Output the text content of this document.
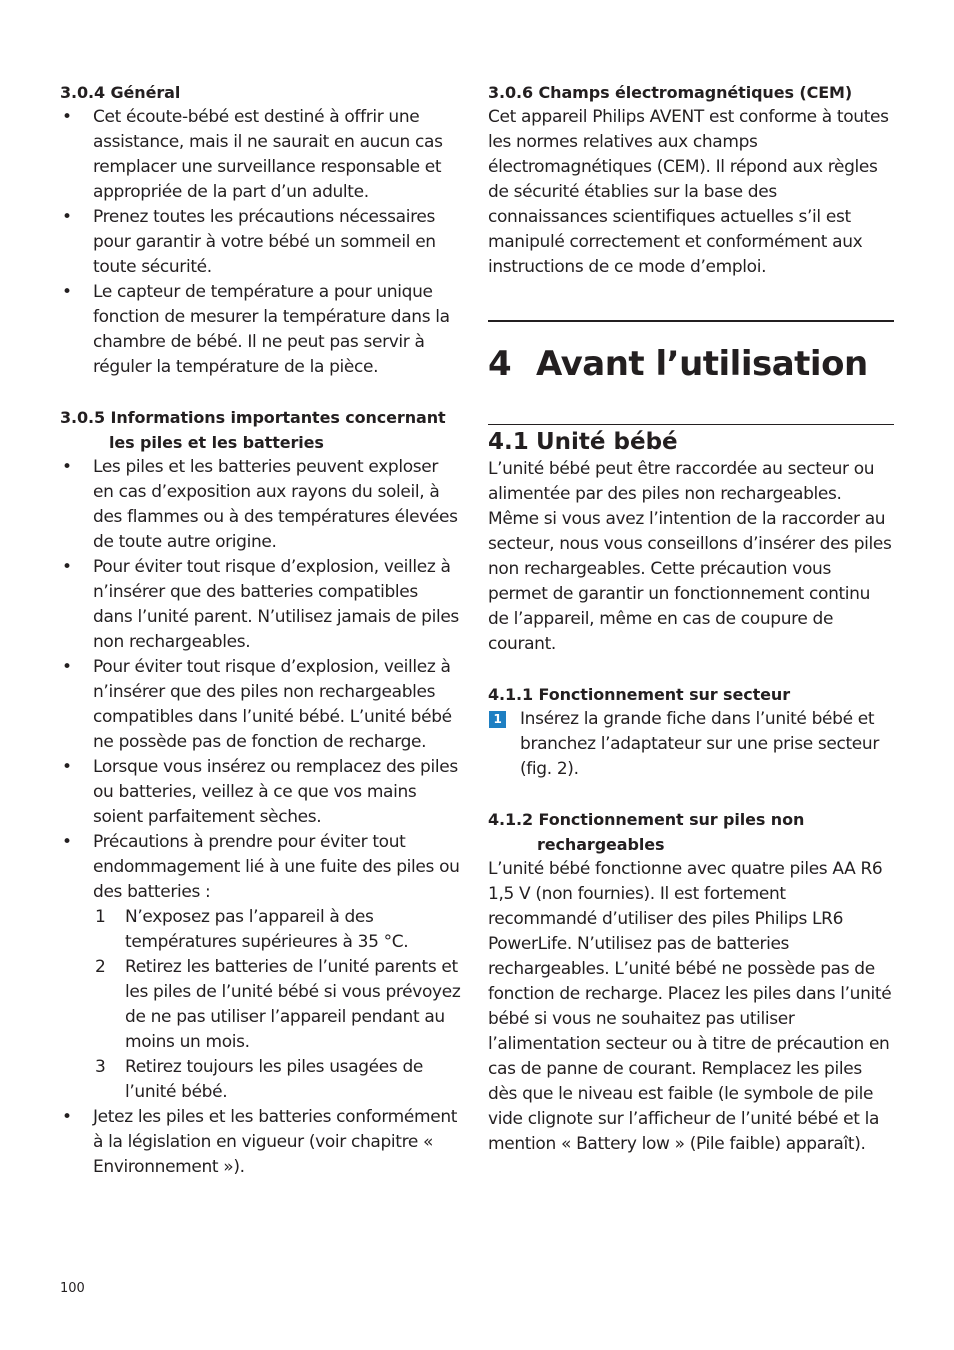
3.0.4 Général

• Cet écoute-bébé est destiné à offrir une assistance, mais il ne saurait en aucun cas remplacer une surveillance responsable et appropriée de la part d’un adulte.
• Prenez toutes les précautions nécessaires pour garantir à votre bébé un sommeil en toute sécurité.
• Le capteur de température a pour unique fonction de mesurer la température dans la chambre de bébé. Il ne peut pas servir à réguler la température de la pièce.

3.0.5 Informations importantes concernant les piles et les batteries

• Les piles et les batteries peuvent exploser en cas d’exposition aux rayons du soleil, à des flammes ou à des températures élevées de toute autre origine.
• Pour éviter tout risque d’explosion, veillez à n’insérer que des batteries compatibles dans l’unité parent. N’utilisez jamais de piles non rechargeables.
• Pour éviter tout risque d’explosion, veillez à n’insérer que des piles non rechargeables compatibles dans l’unité bébé. L’unité bébé ne possède pas de fonction de recharge.
• Lorsque vous insérez ou remplacez des piles ou batteries, veillez à ce que vos mains soient parfaitement sèches.
• Précautions à prendre pour éviter tout endommagement lié à une fuite des piles ou des batteries :
1 N’exposez pas l’appareil à des températures supérieures à 35 °C.
2 Retirez les batteries de l’unité parents et les piles de l’unité bébé si vous prévoyez de ne pas utiliser l’appareil pendant au moins un mois.
3 Retirez toujours les piles usagées de l’unité bébé.
• Jetez les piles et les batteries conformément à la législation en vigueur (voir chapitre « Environnement »).

3.0.6 Champs électromagnétiques (CEM)

Cet appareil Philips AVENT est conforme à toutes les normes relatives aux champs électromagnétiques (CEM). Il répond aux règles de sécurité établies sur la base des connaissances scientifiques actuelles s’il est manipulé correctement et conformément aux instructions de ce mode d’emploi.

4 Avant l’utilisation
4.1 Unité bébé

L’unité bébé peut être raccordée au secteur ou alimentée par des piles non rechargeables. Même si vous avez l’intention de la raccorder au secteur, nous vous conseillons d’insérer des piles non rechargeables. Cette précaution vous permet de garantir un fonctionnement continu de l’appareil, même en cas de coupure de courant.

4.1.1 Fonctionnement sur secteur

1 Insérez la grande fiche dans l’unité bébé et branchez l’adaptateur sur une prise secteur (fig. 2).

4.1.2 Fonctionnement sur piles non rechargeables

L’unité bébé fonctionne avec quatre piles AA R6 1,5 V (non fournies). Il est fortement recommandé d’utiliser des piles Philips LR6 PowerLife. N’utilisez pas de batteries rechargeables. L’unité bébé ne possède pas de fonction de recharge. Placez les piles dans l’unité bébé si vous ne souhaitez pas utiliser l’alimentation secteur ou à titre de précaution en cas de panne de courant. Remplacez les piles dès que le niveau est faible (le symbole de pile vide clignote sur l’afficheur de l’unité bébé et la mention « Battery low » (Pile faible) apparaît).

100
